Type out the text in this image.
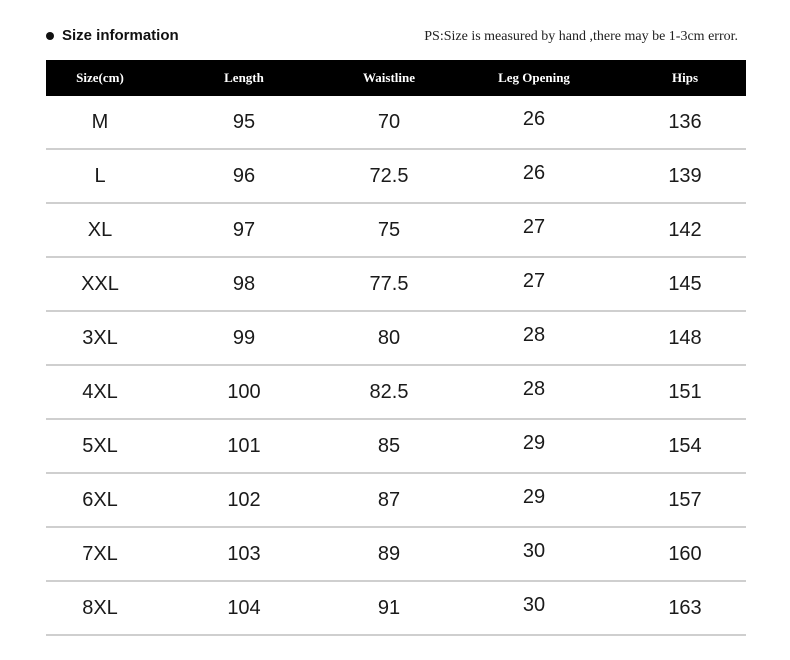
Size information	PS:Size is measured by hand ,there may be 1-3cm error.
Size(cm)	Length	Waistline	Leg Opening	Hips
M	95	70	26	136
L	96	72.5	26	139
XL	97	75	27	142
XXL	98	77.5	27	145
3XL	99	80	28	148
4XL	100	82.5	28	151
5XL	101	85	29	154
6XL	102	87	29	157
7XL	103	89	30	160
8XL	104	91	30	163
